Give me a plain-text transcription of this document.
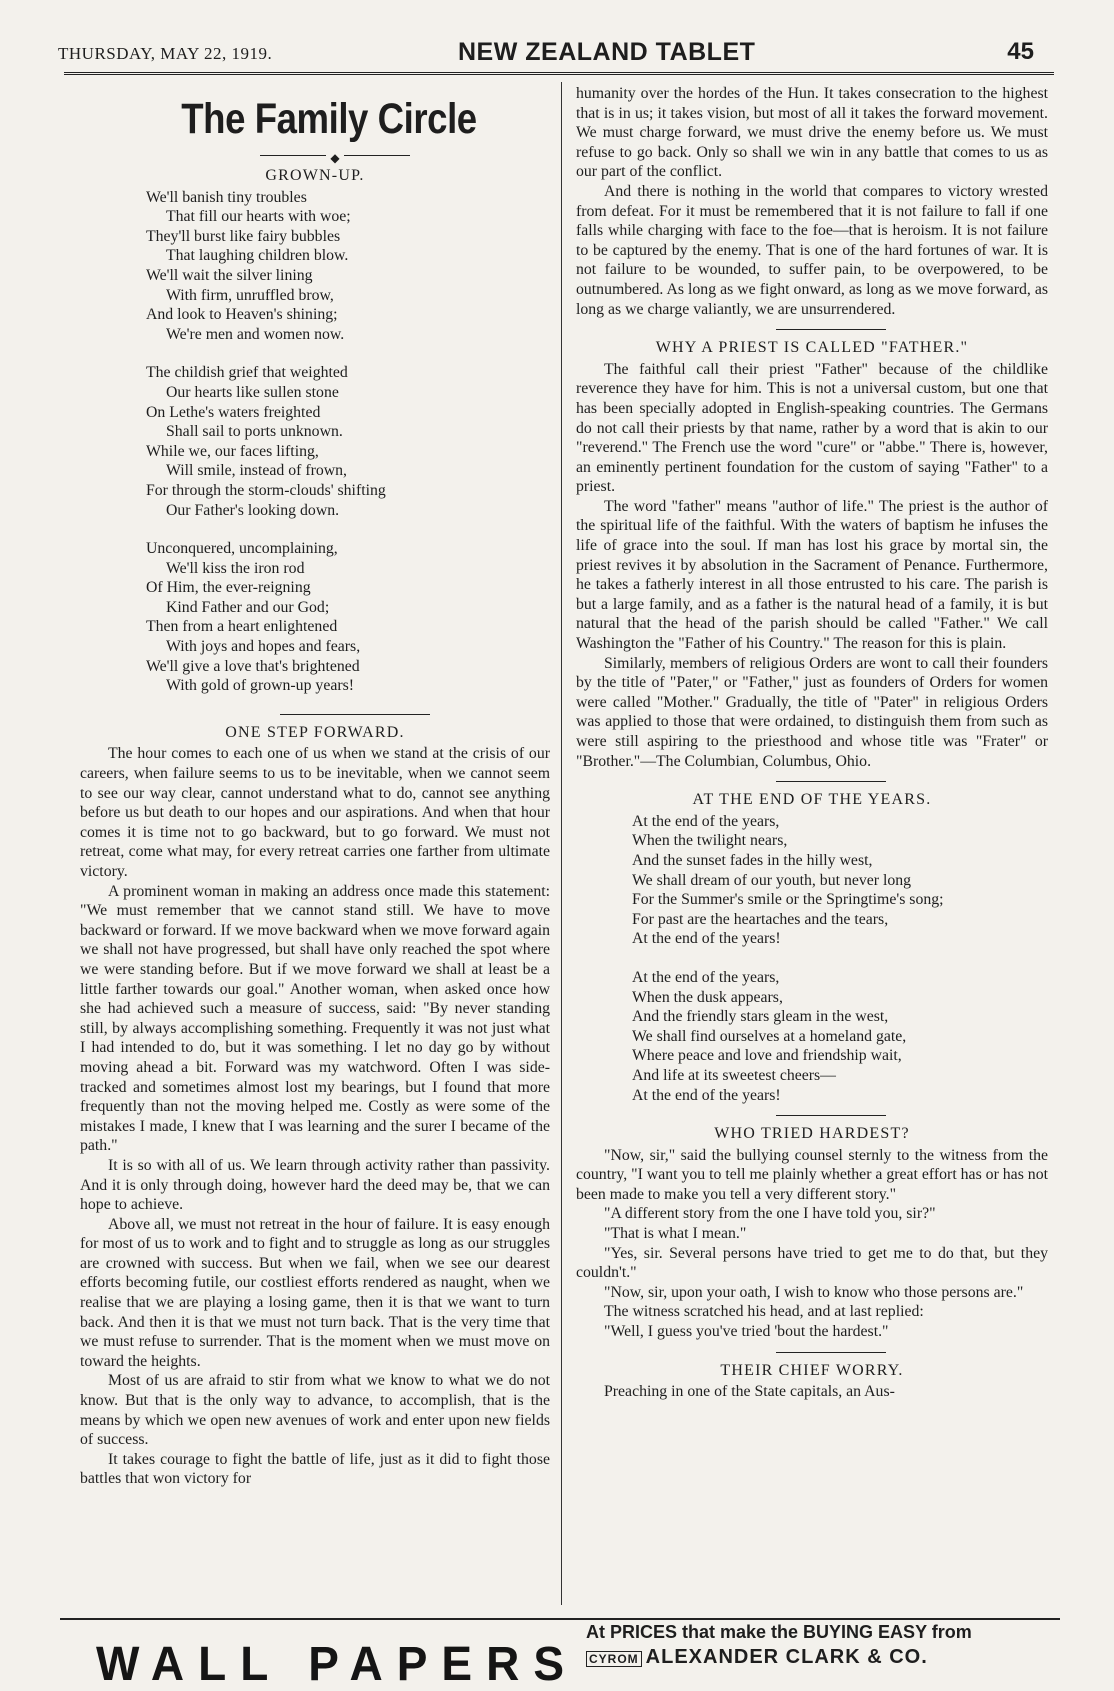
THURSDAY, MAY 22, 1919.	NEW ZEALAND TABLET	45
The Family Circle
◆
GROWN-UP.
We'll banish tiny troubles
That fill our hearts with woe;
They'll burst like fairy bubbles
That laughing children blow.
We'll wait the silver lining
With firm, unruffled brow,
And look to Heaven's shining;
We're men and women now.
The childish grief that weighted
Our hearts like sullen stone
On Lethe's waters freighted
Shall sail to ports unknown.
While we, our faces lifting,
Will smile, instead of frown,
For through the storm-clouds' shifting
Our Father's looking down.
Unconquered, uncomplaining,
We'll kiss the iron rod
Of Him, the ever-reigning
Kind Father and our God;
Then from a heart enlightened
With joys and hopes and fears,
We'll give a love that's brightened
With gold of grown-up years!
ONE STEP FORWARD.

The hour comes to each one of us when we stand at the crisis of our careers, when failure seems to us to be inevitable, when we cannot seem to see our way clear, cannot understand what to do, cannot see anything before us but death to our hopes and our aspirations. And when that hour comes it is time not to go backward, but to go forward. We must not retreat, come what may, for every retreat carries one farther from ultimate victory.

A prominent woman in making an address once made this statement: "We must remember that we cannot stand still. We have to move backward or forward. If we move backward when we move forward again we shall not have progressed, but shall have only reached the spot where we were standing before. But if we move forward we shall at least be a little farther towards our goal." Another woman, when asked once how she had achieved such a measure of success, said: "By never standing still, by always accomplishing something. Frequently it was not just what I had intended to do, but it was something. I let no day go by without moving ahead a bit. Forward was my watchword. Often I was side-tracked and sometimes almost lost my bearings, but I found that more frequently than not the moving helped me. Costly as were some of the mistakes I made, I knew that I was learning and the surer I became of the path."

It is so with all of us. We learn through activity rather than passivity. And it is only through doing, however hard the deed may be, that we can hope to achieve.

Above all, we must not retreat in the hour of failure. It is easy enough for most of us to work and to fight and to struggle as long as our struggles are crowned with success. But when we fail, when we see our dearest efforts becoming futile, our costliest efforts rendered as naught, when we realise that we are playing a losing game, then it is that we want to turn back. And then it is that we must not turn back. That is the very time that we must refuse to surrender. That is the moment when we must move on toward the heights.

Most of us are afraid to stir from what we know to what we do not know. But that is the only way to advance, to accomplish, that is the means by which we open new avenues of work and enter upon new fields of success.

It takes courage to fight the battle of life, just as it did to fight those battles that won victory for

humanity over the hordes of the Hun. It takes consecration to the highest that is in us; it takes vision, but most of all it takes the forward movement. We must charge forward, we must drive the enemy before us. We must refuse to go back. Only so shall we win in any battle that comes to us as our part of the conflict.

And there is nothing in the world that compares to victory wrested from defeat. For it must be remembered that it is not failure to fall if one falls while charging with face to the foe—that is heroism. It is not failure to be captured by the enemy. That is one of the hard fortunes of war. It is not failure to be wounded, to suffer pain, to be overpowered, to be outnumbered. As long as we fight onward, as long as we move forward, as long as we charge valiantly, we are unsurrendered.

WHY A PRIEST IS CALLED "FATHER."

The faithful call their priest "Father" because of the childlike reverence they have for him. This is not a universal custom, but one that has been specially adopted in English-speaking countries. The Germans do not call their priests by that name, rather by a word that is akin to our "reverend." The French use the word "cure" or "abbe." There is, however, an eminently pertinent foundation for the custom of saying "Father" to a priest.

The word "father" means "author of life." The priest is the author of the spiritual life of the faithful. With the waters of baptism he infuses the life of grace into the soul. If man has lost his grace by mortal sin, the priest revives it by absolution in the Sacrament of Penance. Furthermore, he takes a fatherly interest in all those entrusted to his care. The parish is but a large family, and as a father is the natural head of a family, it is but natural that the head of the parish should be called "Father." We call Washington the "Father of his Country." The reason for this is plain.

Similarly, members of religious Orders are wont to call their founders by the title of "Pater," or "Father," just as founders of Orders for women were called "Mother." Gradually, the title of "Pater" in religious Orders was applied to those that were ordained, to distinguish them from such as were still aspiring to the priesthood and whose title was "Frater" or "Brother."—The Columbian, Columbus, Ohio.

AT THE END OF THE YEARS.
At the end of the years,
When the twilight nears,
And the sunset fades in the hilly west,
We shall dream of our youth, but never long
For the Summer's smile or the Springtime's song;
For past are the heartaches and the tears,
At the end of the years!
At the end of the years,
When the dusk appears,
And the friendly stars gleam in the west,
We shall find ourselves at a homeland gate,
Where peace and love and friendship wait,
And life at its sweetest cheers—
At the end of the years!
WHO TRIED HARDEST?

"Now, sir," said the bullying counsel sternly to the witness from the country, "I want you to tell me plainly whether a great effort has or has not been made to make you tell a very different story."

"A different story from the one I have told you, sir?"

"That is what I mean."

"Yes, sir. Several persons have tried to get me to do that, but they couldn't."

"Now, sir, upon your oath, I wish to know who those persons are."

The witness scratched his head, and at last replied:

"Well, I guess you've tried 'bout the hardest."

THEIR CHIEF WORRY.

Preaching in one of the State capitals, an Aus-

WALL PAPERS
At PRICES that make the BUYING EASY from
CYROM ALEXANDER CLARK & CO.
